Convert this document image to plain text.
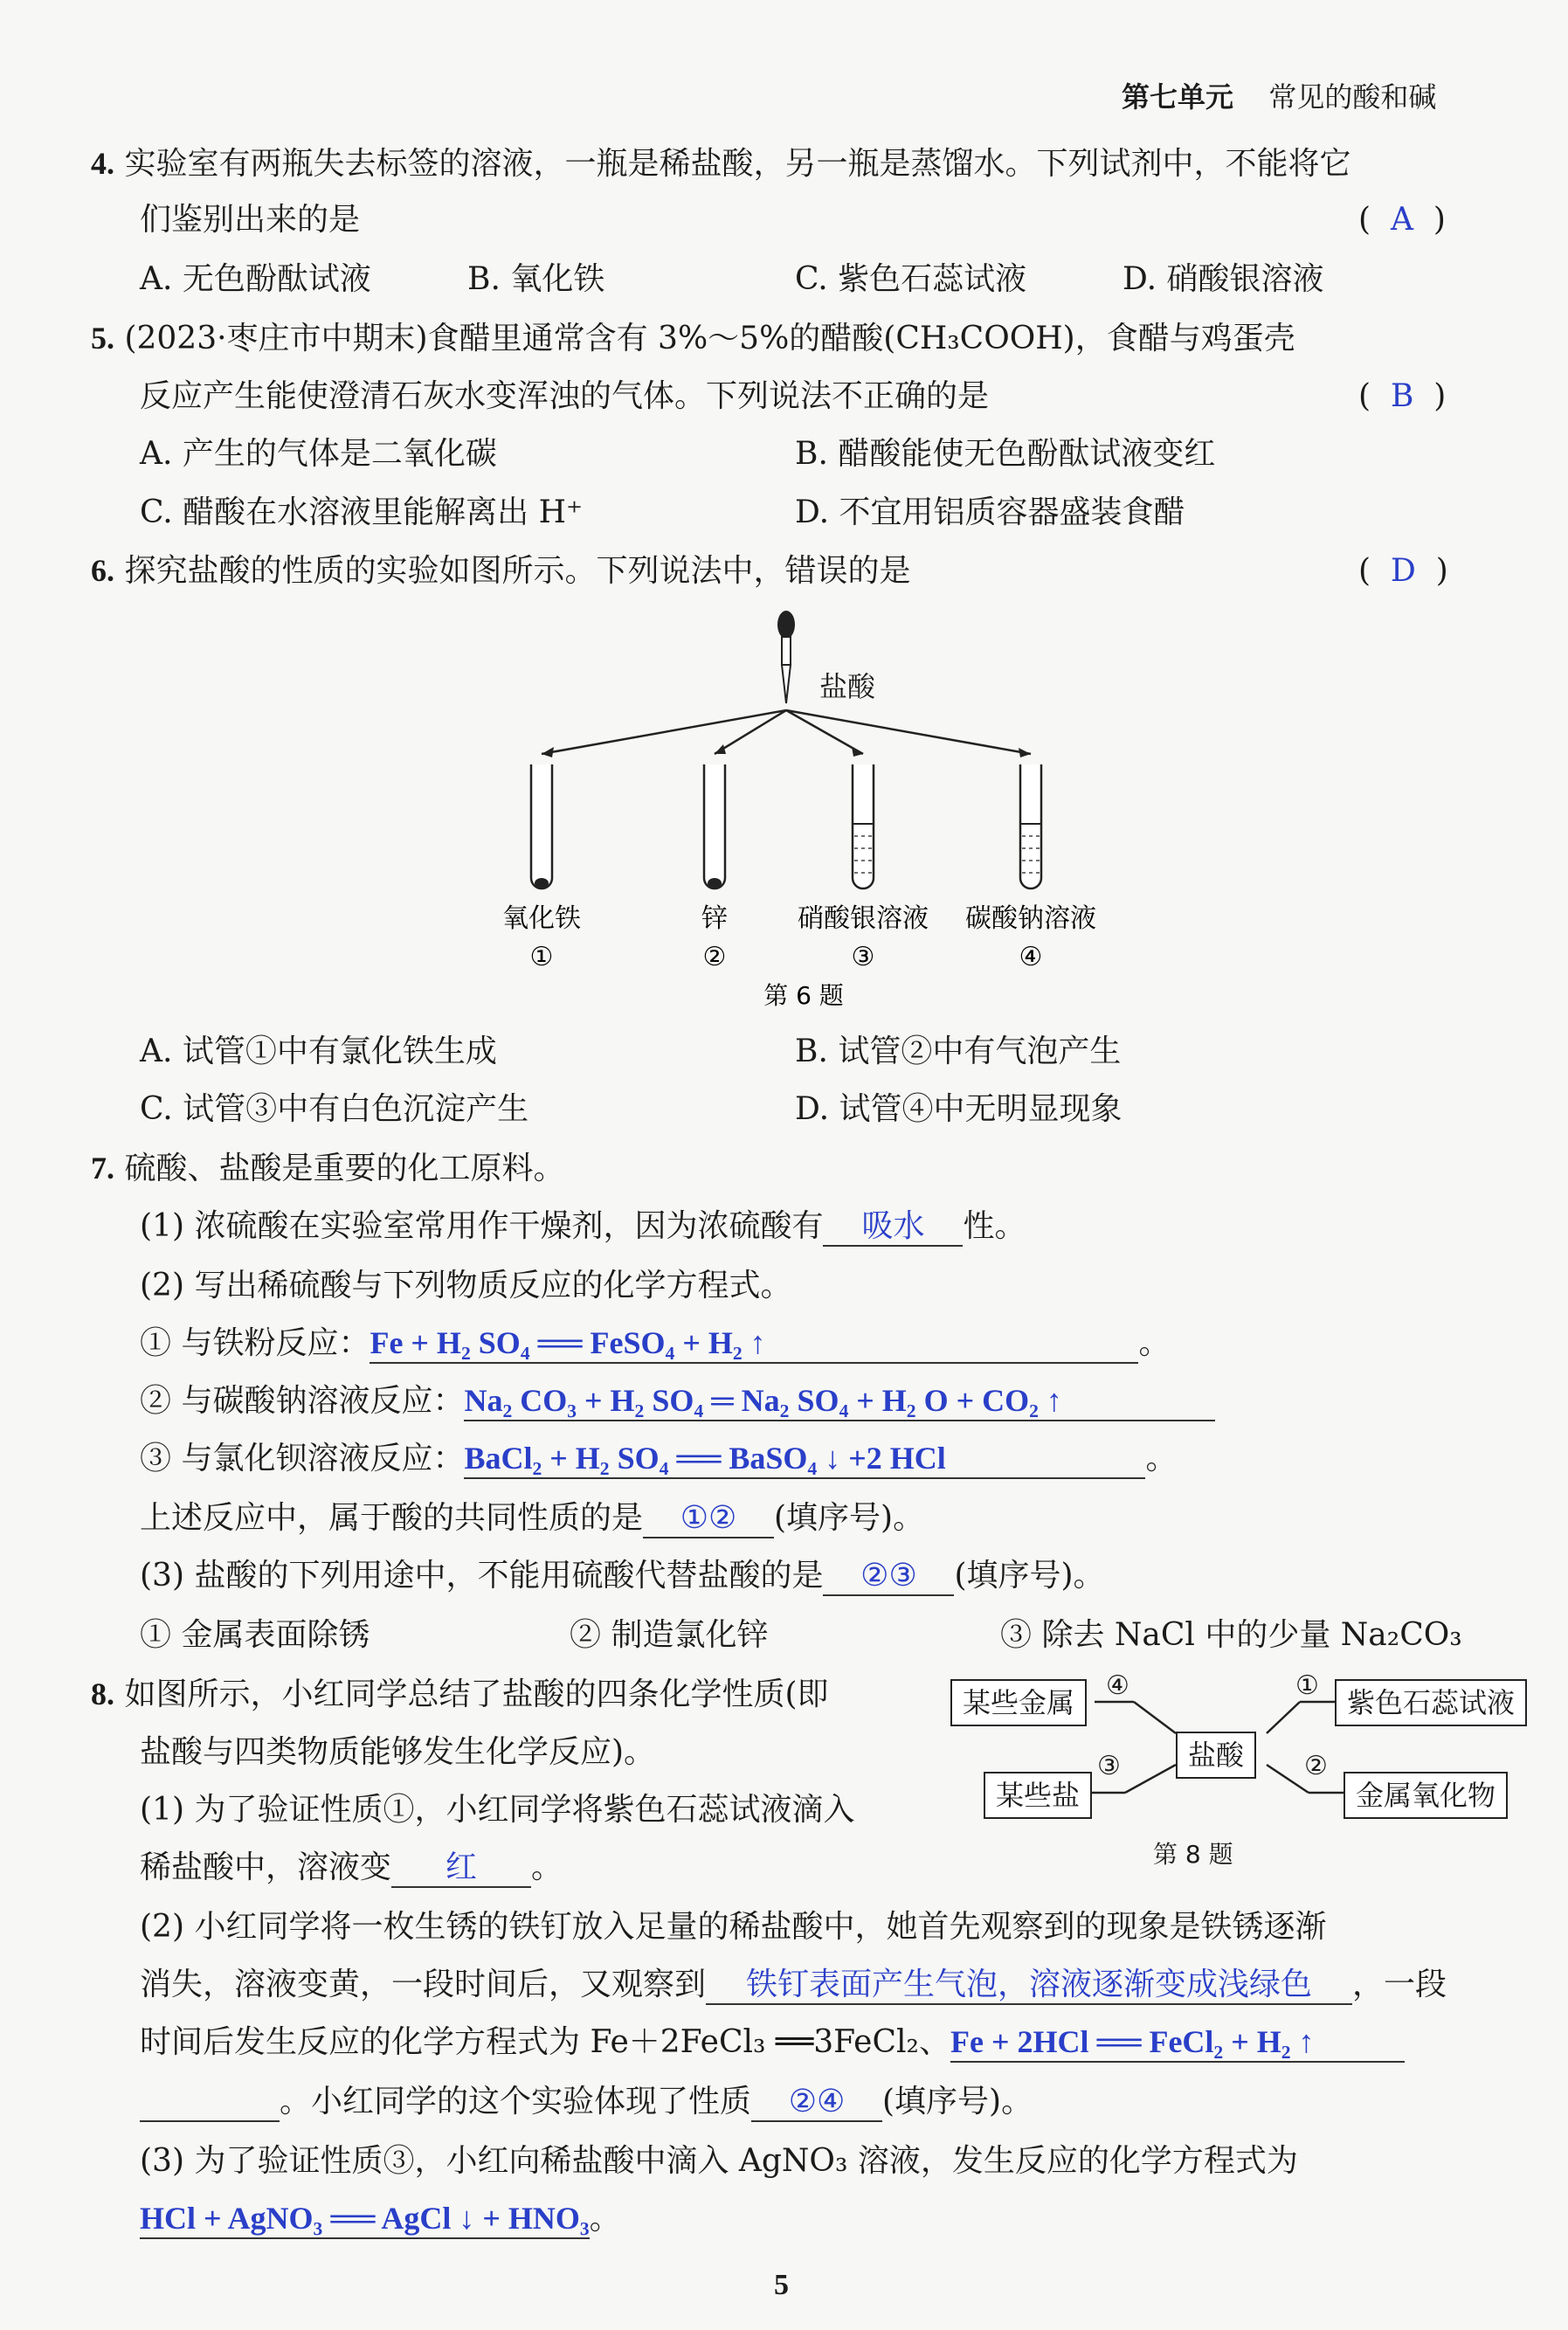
第七单元 常见的酸和碱
4. 实验室有两瓶失去标签的溶液，一瓶是稀盐酸，另一瓶是蒸馏水。下列试剂中，不能将它
们鉴别出来的是	(  A  )
A. 无色酚酞试液	B. 氧化铁	C. 紫色石蕊试液	D. 硝酸银溶液
5. (2023·枣庄市中期末)食醋里通常含有 3%～5%的醋酸(CH₃COOH)，食醋与鸡蛋壳
反应产生能使澄清石灰水变浑浊的气体。下列说法不正确的是	(  B  )
A. 产生的气体是二氧化碳	B. 醋酸能使无色酚酞试液变红
C. 醋酸在水溶液里能解离出 H⁺	D. 不宜用铝质容器盛装食醋
6. 探究盐酸的性质的实验如图所示。下列说法中，错误的是	(  D  )
盐酸
氧化铁	锌	硝酸银溶液 碳酸钠溶液
①	②	③	④
第 6 题
A. 试管①中有氯化铁生成	B. 试管②中有气泡产生
C. 试管③中有白色沉淀产生	D. 试管④中无明显现象
7. 硫酸、盐酸是重要的化工原料。
(1) 浓硫酸在实验室常用作干燥剂，因为浓硫酸有 吸水 性。
(2) 写出稀硫酸与下列物质反应的化学方程式。
① 与铁粉反应：Fe + H₂ SO₄ ══ FeSO₄ + H₂ ↑	。
② 与碳酸钠溶液反应：Na₂ CO₃ + H₂ SO₄ ═ Na₂ SO₄ + H₂ O + CO₂ ↑
③ 与氯化钡溶液反应：BaCl₂ + H₂ SO₄ ══ BaSO₄ ↓ +2 HCl	。
上述反应中，属于酸的共同性质的是 ①② (填序号)。
(3) 盐酸的下列用途中，不能用硫酸代替盐酸的是 ②③ (填序号)。
① 金属表面除锈	② 制造氯化锌	③ 除去 NaCl 中的少量 Na₂CO₃
8. 如图所示，小红同学总结了盐酸的四条化学性质(即
盐酸与四类物质能够发生化学反应)。
(1) 为了验证性质①，小红同学将紫色石蕊试液滴入
稀盐酸中，溶液变 红 。
某些金属	紫色石蕊试液
盐酸
某些盐	金属氧化物
④	①
③	②
第 8 题
(2) 小红同学将一枚生锈的铁钉放入足量的稀盐酸中，她首先观察到的现象是铁锈逐渐
消失，溶液变黄，一段时间后，又观察到 铁钉表面产生气泡，溶液逐渐变成浅绿色 ，一段
时间后发生反应的化学方程式为 Fe＋2FeCl₃ ══3FeCl₂、Fe + 2HCl ══ FeCl₂ + H₂ ↑
。小红同学的这个实验体现了性质 ②④ (填序号)。
(3) 为了验证性质③，小红向稀盐酸中滴入 AgNO₃ 溶液，发生反应的化学方程式为
HCl + AgNO₃ ══ AgCl ↓ + HNO₃。
5
